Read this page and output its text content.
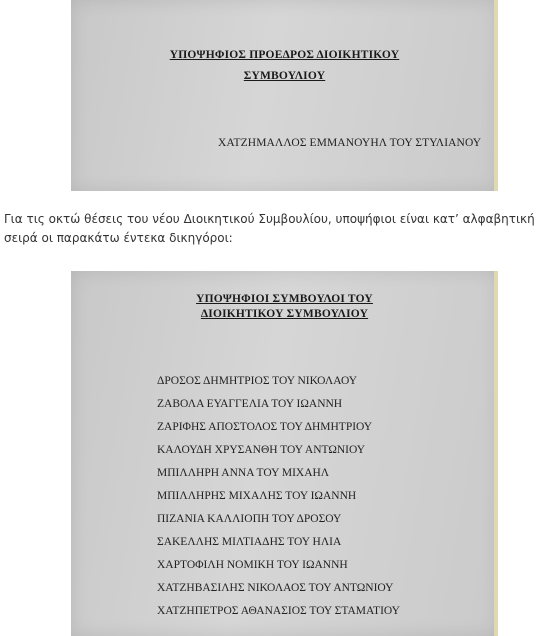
ΥΠΟΨΗΦΙΟΣ ΠΡΟΕΔΡΟΣ ΔΙΟΙΚΗΤΙΚΟΥ
ΣΥΜΒΟΥΛΙΟΥ
ΧΑΤΖΗΜΑΛΛΟΣ ΕΜΜΑΝΟΥΗΛ ΤΟΥ ΣΤΥΛΙΑΝΟΥ

Για τις οκτώ θέσεις του νέου Διοικητικού Συμβουλίου, υποψήφιοι είναι κατ’ αλφαβητική σειρά οι παρακάτω έντεκα δικηγόροι:

ΥΠΟΨΗΦΙΟΙ ΣΥΜΒΟΥΛΟΙ ΤΟΥ
ΔΙΟΙΚΗΤΙΚΟΥ ΣΥΜΒΟΥΛΙΟΥ
ΔΡΟΣΟΣ ΔΗΜΗΤΡΙΟΣ ΤΟΥ ΝΙΚΟΛΑΟΥ
ΖΑΒΟΛΑ ΕΥΑΓΓΕΛΙΑ ΤΟΥ ΙΩΑΝΝΗ
ΖΑΡΙΦΗΣ ΑΠΟΣΤΟΛΟΣ ΤΟΥ ΔΗΜΗΤΡΙΟΥ
ΚΑΛΟΥΔΗ ΧΡΥΣΑΝΘΗ ΤΟΥ ΑΝΤΩΝΙΟΥ
ΜΠΙΛΛΗΡΗ ΑΝΝΑ ΤΟΥ ΜΙΧΑΗΛ
ΜΠΙΛΛΗΡΗΣ ΜΙΧΑΛΗΣ ΤΟΥ ΙΩΑΝΝΗ
ΠΙΖΑΝΙΑ ΚΑΛΛΙΟΠΗ ΤΟΥ ΔΡΟΣΟΥ
ΣΑΚΕΛΛΗΣ ΜΙΛΤΙΑΔΗΣ ΤΟΥ ΗΛΙΑ
ΧΑΡΤΟΦΙΛΗ ΝΟΜΙΚΗ ΤΟΥ ΙΩΑΝΝΗ
ΧΑΤΖΗΒΑΣΙΛΗΣ ΝΙΚΟΛΑΟΣ ΤΟΥ ΑΝΤΩΝΙΟΥ
ΧΑΤΖΗΠΕΤΡΟΣ ΑΘΑΝΑΣΙΟΣ ΤΟΥ ΣΤΑΜΑΤΙΟΥ
